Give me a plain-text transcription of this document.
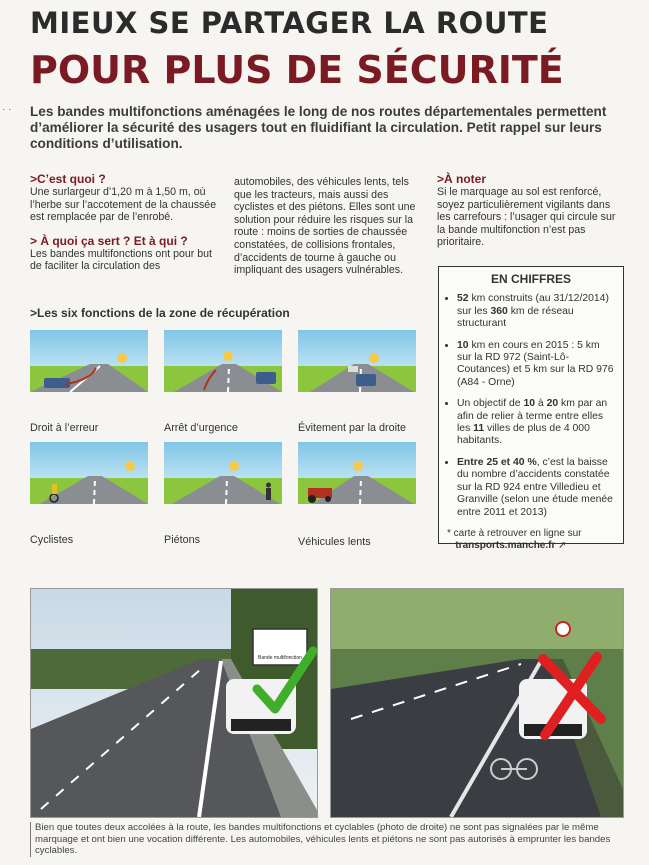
MIEUX SE PARTAGER LA ROUTE
POUR PLUS DE SÉCURITÉ
· · Les bandes multifonctions aménagées le long de nos routes départementales permettent d’améliorer la sécurité des usagers tout en fluidifiant la circulation. Petit rappel sur leurs conditions d’utilisation.

>C’est quoi ?

Une surlargeur d’1,20 m à 1,50 m, où l’herbe sur l’accotement de la chaussée est remplacée par de l’enrobé.

> À quoi ça sert ? Et à qui ?

Les bandes multifonctions ont pour but de faciliter la circulation des

automobiles, des véhicules lents, tels que les tracteurs, mais aussi des cyclistes et des piétons. Elles sont une solution pour réduire les risques sur la route : moins de sorties de chaussée constatées, de collisions frontales, d’accidents de tourne à gauche ou impliquant des usagers vulnérables.

>À noter

Si le marquage au sol est renforcé, soyez particulièrement vigilants dans les carrefours : l’usager qui circule sur la bande multifonction n’est pas prioritaire.

EN CHIFFRES
• 52 km construits (au 31/12/2014) sur les 360 km de réseau structurant
• 10 km en cours en 2015 : 5 km sur la RD 972 (Saint-Lô-Coutances) et 5 km sur la RD 976 (A84 - Orne)
• Un objectif de 10 à 20 km par an afin de relier à terme entre elles les 11 villes de plus de 4 000 habitants.
• Entre 25 et 40 %, c’est la baisse du nombre d’accidents constatée sur la RD 924 entre Villedieu et Granville (selon une étude menée entre 2011 et 2013)
* carte à retrouver en ligne sur
transports.manche.fr ➚
>Les six fonctions de la zone de récupération
Droit à l’erreur	Arrêt d’urgence	Évitement par la droite
Cyclistes	Piétons	Véhicules lents
Bande multifonction

Bien que toutes deux accolées à la route, les bandes multifonctions et cyclables (photo de droite) ne sont pas signalées par le même marquage et ont bien une vocation différente. Les automobiles, véhicules lents et piétons ne sont pas autorisés à emprunter les bandes cyclables.
